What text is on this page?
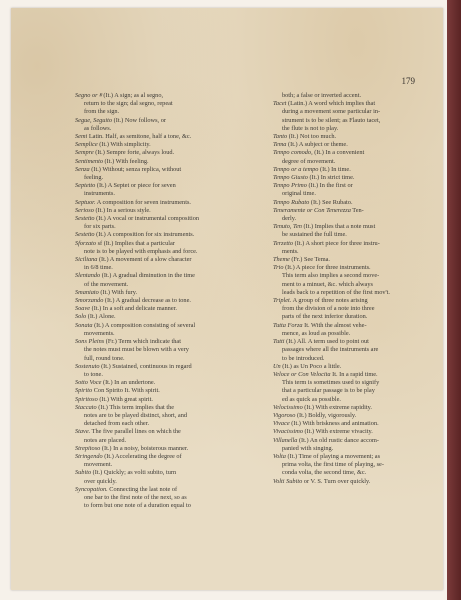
179
Segno or 𝄋 (It.) A sign; as al segno,
return to the sign; dal segno, repeat
from the sign.
Segue, Seguito (It.) Now follows, or
as follows.
Semi Latin. Half, as semitone, half a tone, &c.
Semplice (It.) With simplicity.
Sempre (It.) Sempre forte, always loud.
Sentimento (It.) With feeling.
Senza (It.) Without; senza replica, without
feeling.
Septetto (It.) A Septet or piece for seven
instruments.
Septuor. A composition for seven instruments.
Serioso (It.) In a serious style.
Sestetto (It.) A vocal or instrumental composition
for six parts.
Sestetto (It.) A composition for six instruments.
Sforzato sf (It.) Implies that a particular
note is to be played with emphasis and force.
Siciliana (It.) A movement of a slow character
in 6/8 time.
Slentando (It.) A gradual diminution in the time
of the movement.
Smaniato (It.) With fury.
Smorzando (It.) A gradual decrease as to tone.
Soave (It.) In a soft and delicate manner.
Solo (It.) Alone.
Sonata (It.) A composition consisting of several
movements.
Sons Pleins (Fr.) Term which indicate that
the notes must must be blown with a very
full, round tone.
Sostenuto (It.) Sustained, continuous in regard
to tone.
Sotto Voce (It.) In an undertone.
Spirito Con Spirito It. With spirit.
Spiritoso (It.) With great spirit.
Staccato (It.) This term implies that the
notes are to be played distinct, short, and
detached from each other.
Stave. The five parallel lines on which the
notes are placed.
Strepitoso (It.) In a noisy, boisterous manner.
Stringendo (It.) Accelerating the degree of
movement.
Subito (It.) Quickly; as volti subito, turn
over quickly.
Syncopation. Connecting the last note of
one bar to the first note of the next, so as
to form but one note of a duration equal to
both; a false or inverted accent.
Tacet (Latin.) A word which implies that
during a movement some particular in-
strument is to be silent; as Flauto tacet,
the flute is not to play.
Tanto (It.) Not too much.
Tema (It.) A subject or theme.
Tempo comodo, (It.) In a convenient
degree of movement.
Tempo or a tempo (It.) In time.
Tempo Giusto (It.) In strict time.
Tempo Primo (It.) In the first or
original time.
Tempo Rubato (It.) See Rubato.
Teneramente or Con Tenerezza Ten-
derly.
Tenuto, Ten (It.) Implies that a note must
be sustained the full time.
Terzetto (It.) A short piece for three instru-
ments.
Theme (Fr.) See Tema.
Trio (It.) A piece for three instruments.
This term also implies a second move-
ment to a minuet, &c. which always
leads back to a repetition of the first mov't.
Triplet. A group of three notes arising
from the division of a note into three
parts of the next inferior duration.
Tutta Forza It. With the almost vehe-
mence, as loud as possible.
Tutti (It.) All. A term used to point out
passages where all the instruments are
to be introduced.
Un (It.) as Un Poco a little.
Veloce or Con Velocita It. In a rapid time.
This term is sometimes used to signify
that a particular passage is to be play
ed as quick as possible.
Velocissimo (It.) With extreme rapidity.
Vigoroso (It.) Boldly, vigorously.
Vivace (It.) With briskness and animation.
Vivacissimo (It.) With extreme vivacity.
Villanella (It.) An old rustic dance accom-
panied with singing.
Volta (It.) Time of playing a movement; as
prima volta, the first time of playing, se-
conda volta, the second time, &c.
Volti Subito or V. S. Turn over quickly.
